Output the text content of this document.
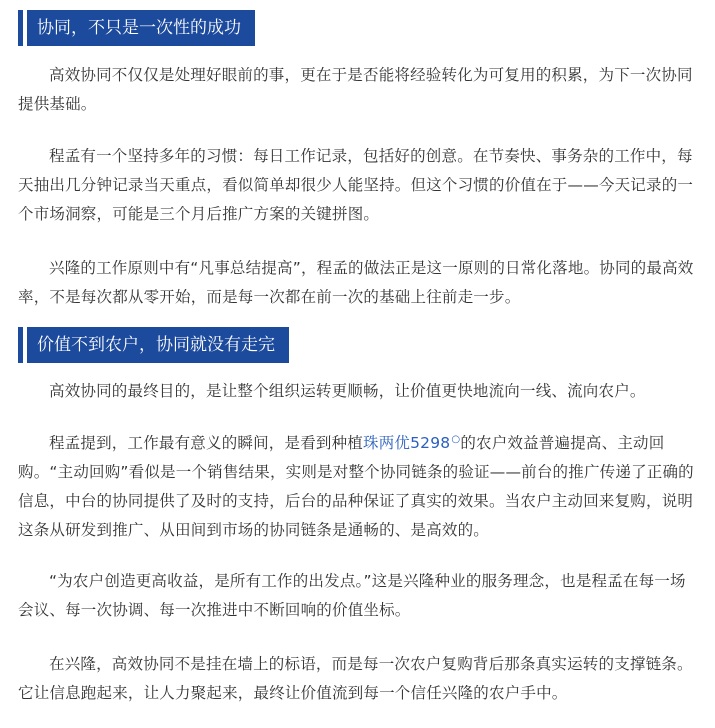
协同，不只是一次性的成功

高效协同不仅仅是处理好眼前的事，更在于是否能将经验转化为可复用的积累，为下一次协同提供基础。

程孟有一个坚持多年的习惯：每日工作记录，包括好的创意。在节奏快、事务杂的工作中，每天抽出几分钟记录当天重点，看似简单却很少人能坚持。但这个习惯的价值在于——今天记录的一个市场洞察，可能是三个月后推广方案的关键拼图。

兴隆的工作原则中有“凡事总结提高”，程孟的做法正是这一原则的日常化落地。协同的最高效率，不是每次都从零开始，而是每一次都在前一次的基础上往前走一步。

价值不到农户，协同就没有走完

高效协同的最终目的，是让整个组织运转更顺畅，让价值更快地流向一线、流向农户。

程孟提到，工作最有意义的瞬间，是看到种植珠两优5298○的农户效益普遍提高、主动回购。“主动回购”看似是一个销售结果，实则是对整个协同链条的验证——前台的推广传递了正确的信息，中台的协同提供了及时的支持，后台的品种保证了真实的效果。当农户主动回来复购，说明这条从研发到推广、从田间到市场的协同链条是通畅的、是高效的。

“为农户创造更高收益，是所有工作的出发点。”这是兴隆种业的服务理念，也是程孟在每一场会议、每一次协调、每一次推进中不断回响的价值坐标。

在兴隆，高效协同不是挂在墙上的标语，而是每一次农户复购背后那条真实运转的支撑链条。它让信息跑起来，让人力聚起来，最终让价值流到每一个信任兴隆的农户手中。
